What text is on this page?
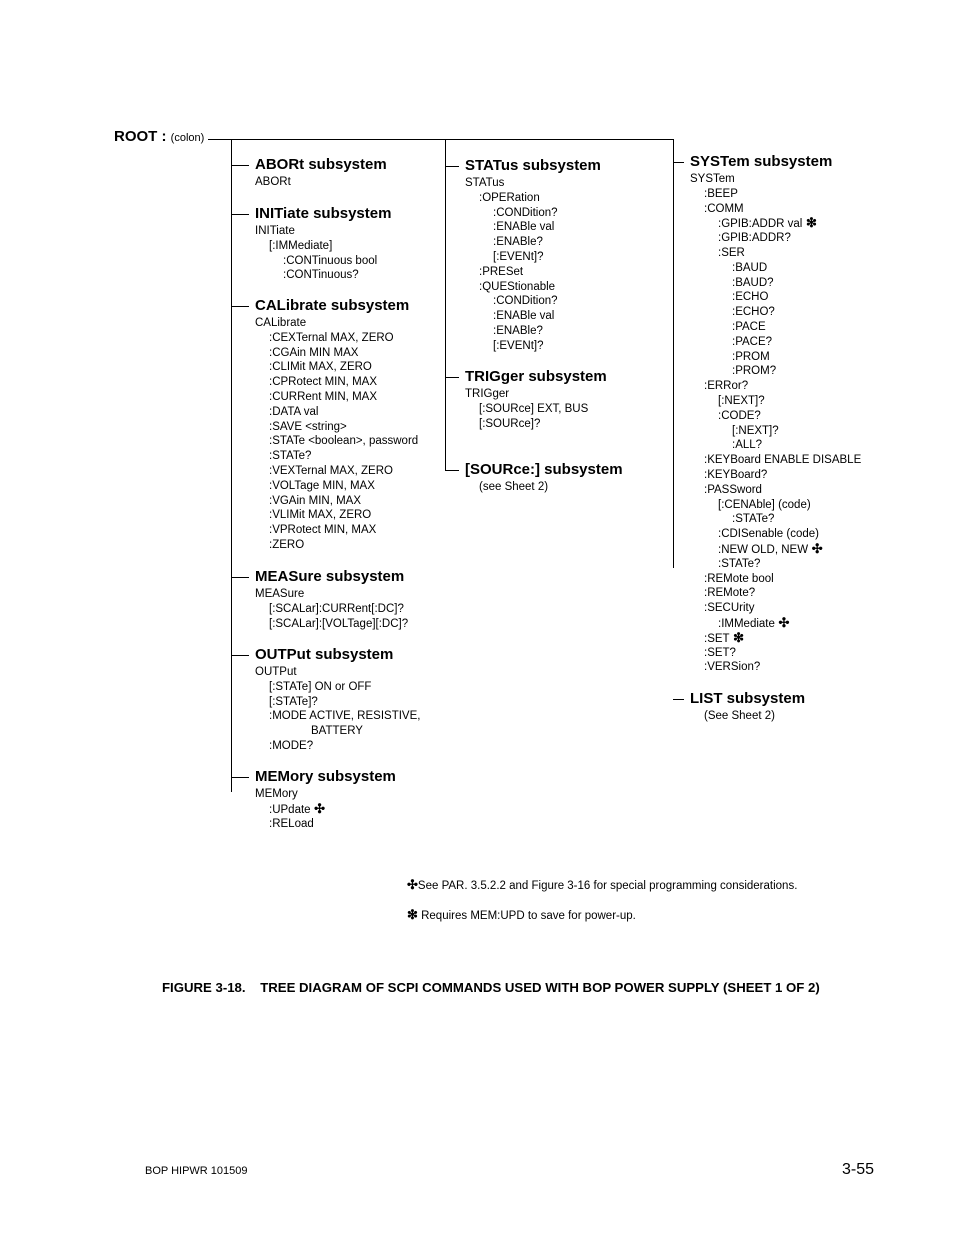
ROOT : (colon)
ABORt subsystem
ABORt
INITiate subsystem
INITiate
[:IMMediate]
:CONTinuous bool
:CONTinuous?
CALibrate subsystem
CALibrate
:CEXTernal MAX, ZERO
:CGAin MIN MAX
:CLIMit MAX, ZERO
:CPRotect MIN, MAX
:CURRent MIN, MAX
:DATA val
:SAVE <string>
:STATe <boolean>, password
:STATe?
:VEXTernal MAX, ZERO
:VOLTage MIN, MAX
:VGAin MIN, MAX
:VLIMit MAX, ZERO
:VPRotect MIN, MAX
:ZERO
MEASure subsystem
MEASure
[:SCALar]:CURRent[:DC]?
[:SCALar]:[VOLTage][:DC]?
OUTPut subsystem
OUTPut
[:STATe] ON or OFF
[:STATe]?
:MODE ACTIVE, RESISTIVE,
BATTERY
:MODE?
MEMory subsystem
MEMory
:UPdate ✣
:RELoad
STATus subsystem
STATus
:OPERation
:CONDition?
:ENABle val
:ENABle?
[:EVENt]?
:PRESet
:QUEStionable
:CONDition?
:ENABle val
:ENABle?
[:EVENt]?
TRIGger subsystem
TRIGger
[:SOURce] EXT, BUS
[:SOURce]?
[SOURce:] subsystem
(see Sheet 2)
SYSTem subsystem
SYSTem
:BEEP
:COMM
:GPIB:ADDR val ❇
:GPIB:ADDR?
:SER
:BAUD
:BAUD?
:ECHO
:ECHO?
:PACE
:PACE?
:PROM
:PROM?
:ERRor?
[:NEXT]?
:CODE?
[:NEXT]?
:ALL?
:KEYBoard ENABLE DISABLE
:KEYBoard?
:PASSword
[:CENAble] (code)
:STATe?
:CDISenable (code)
:NEW OLD, NEW ✣
:STATe?
:REMote bool
:REMote?
:SECUrity
:IMMediate ✣
:SET ❇
:SET?
:VERSion?
LIST subsystem
(See Sheet 2)
✣See PAR. 3.5.2.2 and Figure 3-16 for special programming considerations.
❇ Requires MEM:UPD to save for power-up.
FIGURE 3-18.    TREE DIAGRAM OF SCPI COMMANDS USED WITH BOP POWER SUPPLY (SHEET 1 OF 2)
BOP HIPWR 101509	3-55
